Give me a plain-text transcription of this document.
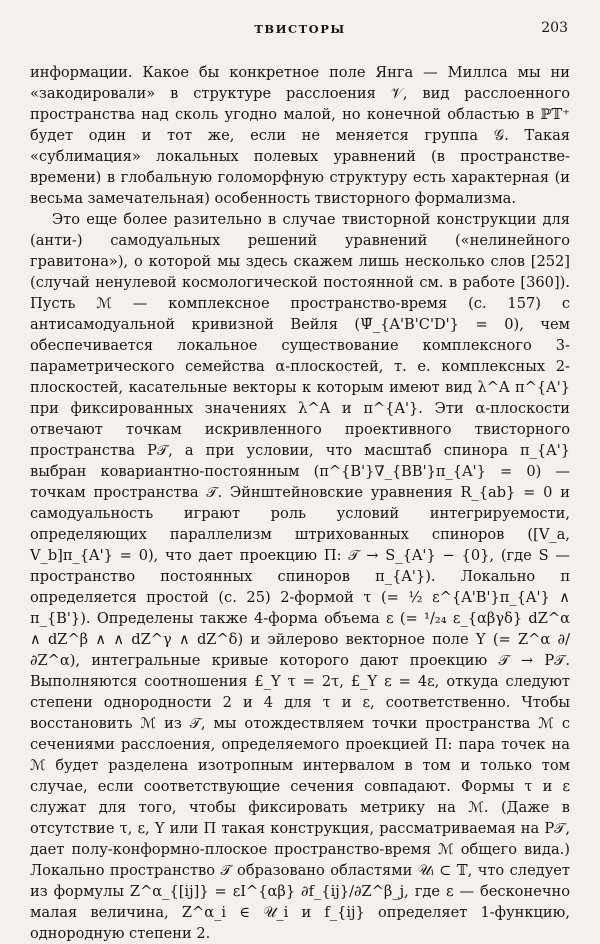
ТВИСТОРЫ	203

информации. Какое бы конкретное поле Янга — Миллса мы ни «закодировали» в структуре расслоения 𝒱, вид расслоенного пространства над сколь угодно малой, но конечной областью в ℙ𝕋⁺ будет один и тот же, если не меняется группа 𝒢. Такая «сублимация» локальных полевых уравнений (в пространстве-времени) в глобальную голоморфную структуру есть характерная (и весьма замечательная) особенность твисторного формализма.

Это еще более разительно в случае твисторной конструкции для (анти-) самодуальных решений уравнений («нелинейного гравитона»), о которой мы здесь скажем лишь несколько слов [252] (случай ненулевой космологической постоянной см. в работе [360]). Пусть ℳ — комплексное пространство-время (с. 157) с антисамодуальной кривизной Вейля (Ψ̃_{A'B'C'D'} = 0), чем обеспечивается локальное существование комплексного 3-параметрического семейства α-плоскостей, т. е. комплексных 2-плоскостей, касательные векторы к которым имеют вид λ^A π^{A'} при фиксированных значениях λ^A и π^{A'}. Эти α-плоскости отвечают точкам искривленного проективного твисторного пространства P𝒯, а при условии, что масштаб спинора π_{A'} выбран ковариантно-постоянным (π^{B'}∇_{BB'}π_{A'} = 0) — точкам пространства 𝒯. Эйнштейновские уравнения R_{ab} = 0 и самодуальность играют роль условий интегрируемости, определяющих параллелизм штрихованных спиноров ([V_a, V_b]π_{A'} = 0), что дает проекцию Π: 𝒯 → S_{A'} − {0}, (где S — пространство постоянных спиноров π_{A'}). Локально π определяется простой (с. 25) 2-формой τ (= ½ ε^{A'B'}π_{A'} ∧ π_{B'}). Определены также 4-форма объема ε (= ¹/₂₄ ε_{αβγδ} dZ^α ∧ dZ^β ∧ ∧ dZ^γ ∧ dZ^δ) и эйлерово векторное поле Υ (= Z^α ∂/∂Z^α), интегральные кривые которого дают проекцию 𝒯 → P𝒯. Выполняются соотношения £_Υ τ = 2τ, £_Υ ε = 4ε, откуда следуют степени однородности 2 и 4 для τ и ε, соответственно. Чтобы восстановить ℳ из 𝒯, мы отождествляем точки пространства ℳ с сечениями расслоения, определяемого проекцией Π: пара точек на ℳ будет разделена изотропным интервалом в том и только том случае, если соответствующие сечения совпадают. Формы τ и ε служат для того, чтобы фиксировать метрику на ℳ. (Даже в отсутствие τ, ε, Υ или Π такая конструкция, рассматриваемая на P𝒯, дает полу-конформно-плоское пространство-время ℳ общего вида.) Локально пространство 𝒯 образовано областями 𝒰ᵢ ⊂ 𝕋, что следует из формулы Z^α_{[ij]} = εI^{αβ} ∂f_{ij}/∂Z^β_j, где ε — бесконечно малая величина, Z^α_i ∈ 𝒰_i и f_{ij} определяет 1-функцию, однородную степени 2.
